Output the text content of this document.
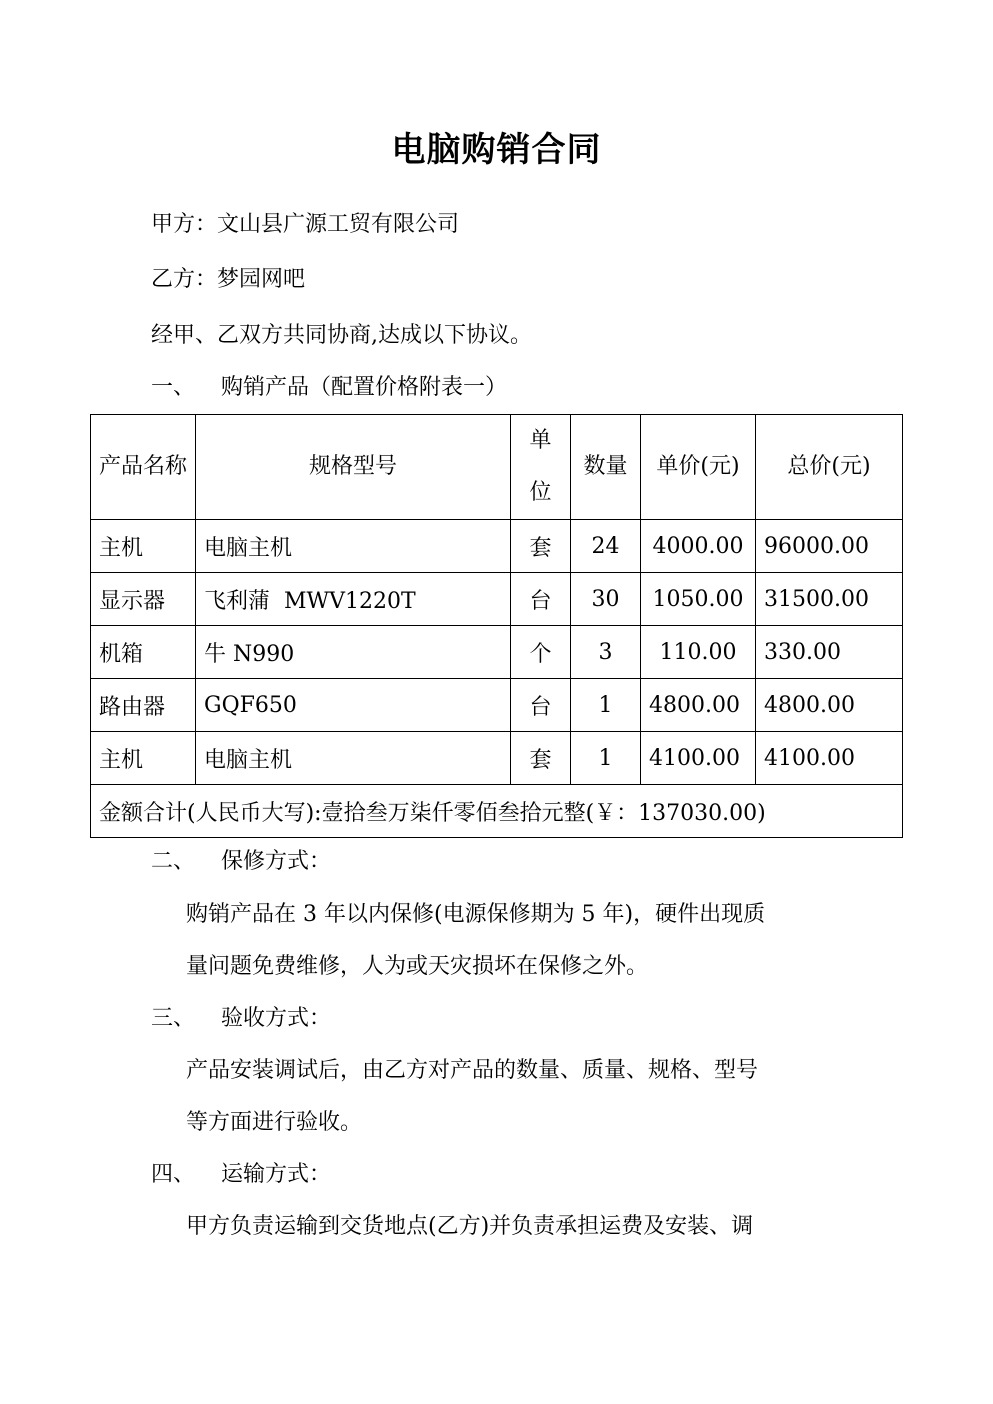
电脑购销合同
甲方：文山县广源工贸有限公司
乙方：梦园网吧
经甲、乙双方共同协商,达成以下协议。
一、 购销产品（配置价格附表一）
产品名称	规格型号	单位	数量	单价(元)	总价(元)
主机	电脑主机	套	24	4000.00	96000.00
显示器	飞利蒲  MWV1220T	台	30	1050.00	31500.00
机箱	牛 N990	个	3	110.00	330.00
路由器	GQF650	台	1	4800.00	4800.00
主机	电脑主机	套	1	4100.00	4100.00
金额合计(人民币大写):壹拾叁万柒仟零佰叁拾元整(￥：137030.00)					
二、 保修方式：
购销产品在 3 年以内保修(电源保修期为 5 年)，硬件出现质
量问题免费维修，人为或天灾损坏在保修之外。
三、 验收方式：
产品安装调试后，由乙方对产品的数量、质量、规格、型号
等方面进行验收。
四、 运输方式：
甲方负责运输到交货地点(乙方)并负责承担运费及安装、调
